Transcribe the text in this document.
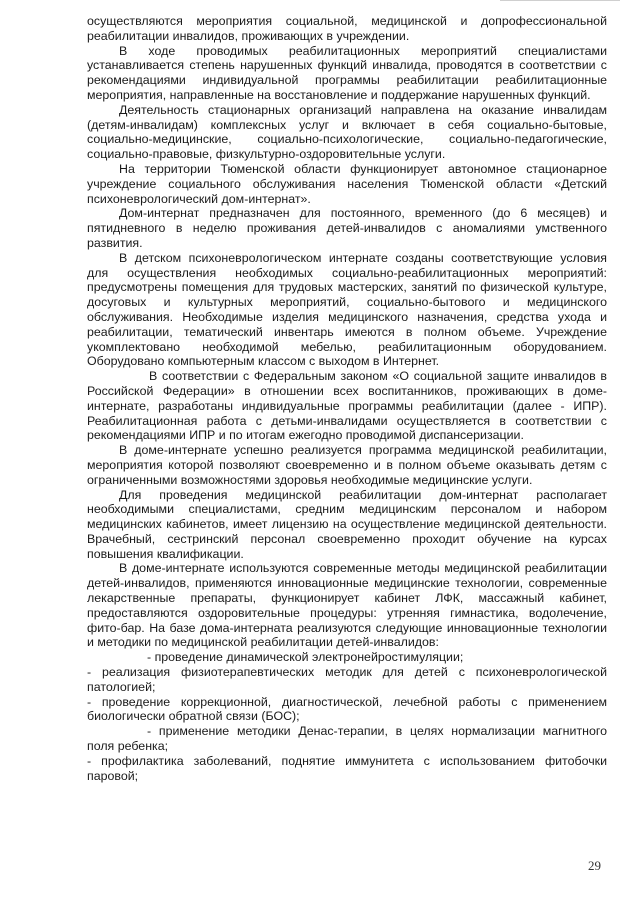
осуществляются мероприятия социальной, медицинской и допрофессиональной реабилитации инвалидов, проживающих в учреждении.

В ходе проводимых реабилитационных мероприятий специалистами устанавливается степень нарушенных функций инвалида, проводятся в соответствии с рекомендациями индивидуальной программы реабилитации реабилитационные мероприятия, направленные на восстановление и поддержание нарушенных функций.

Деятельность стационарных организаций направлена на оказание инвалидам (детям-инвалидам) комплексных услуг и включает в себя социально-бытовые, социально-медицинские, социально-психологические, социально-педагогические, социально-правовые, физкультурно-оздоровительные услуги.

На территории Тюменской области функционирует автономное стационарное учреждение социального обслуживания населения Тюменской области «Детский психоневрологический дом-интернат».

Дом-интернат предназначен для постоянного, временного (до 6 месяцев) и пятидневного в неделю проживания детей-инвалидов с аномалиями умственного развития.

В детском психоневрологическом интернате созданы соответствующие условия для осуществления необходимых социально-реабилитационных мероприятий: предусмотрены помещения для трудовых мастерских, занятий по физической культуре, досуговых и культурных мероприятий, социально-бытового и медицинского обслуживания. Необходимые изделия медицинского назначения, средства ухода и реабилитации, тематический инвентарь имеются в полном объеме. Учреждение укомплектовано необходимой мебелью, реабилитационным оборудованием. Оборудовано компьютерным классом с выходом в Интернет.

В соответствии с Федеральным законом «О социальной защите инвалидов в Российской Федерации» в отношении всех воспитанников, проживающих в доме-интернате, разработаны индивидуальные программы реабилитации (далее - ИПР). Реабилитационная работа с детьми-инвалидами осуществляется в соответствии с рекомендациями ИПР и по итогам ежегодно проводимой диспансеризации.

В доме-интернате успешно реализуется программа медицинской реабилитации, мероприятия которой позволяют своевременно и в полном объеме оказывать детям с ограниченными возможностями здоровья необходимые медицинские услуги.

Для проведения медицинской реабилитации дом-интернат располагает необходимыми специалистами, средним медицинским персоналом и набором медицинских кабинетов, имеет лицензию на осуществление медицинской деятельности. Врачебный, сестринский персонал своевременно проходит обучение на курсах повышения квалификации.

В доме-интернате используются современные методы медицинской реабилитации детей-инвалидов, применяются инновационные медицинские технологии, современные лекарственные препараты, функционирует кабинет ЛФК, массажный кабинет, предоставляются оздоровительные процедуры: утренняя гимнастика, водолечение, фито-бар. На базе дома-интерната реализуются следующие инновационные технологии и методики по медицинской реабилитации детей-инвалидов:

- проведение динамической электронейростимуляции;

- реализация физиотерапевтических методик для детей с психоневрологической патологией;

- проведение коррекционной, диагностической, лечебной работы с применением биологически обратной связи (БОС);

- применение методики Денас-терапии, в целях нормализации магнитного поля ребенка;

- профилактика заболеваний, поднятие иммунитета с использованием фитобочки паровой;

29
